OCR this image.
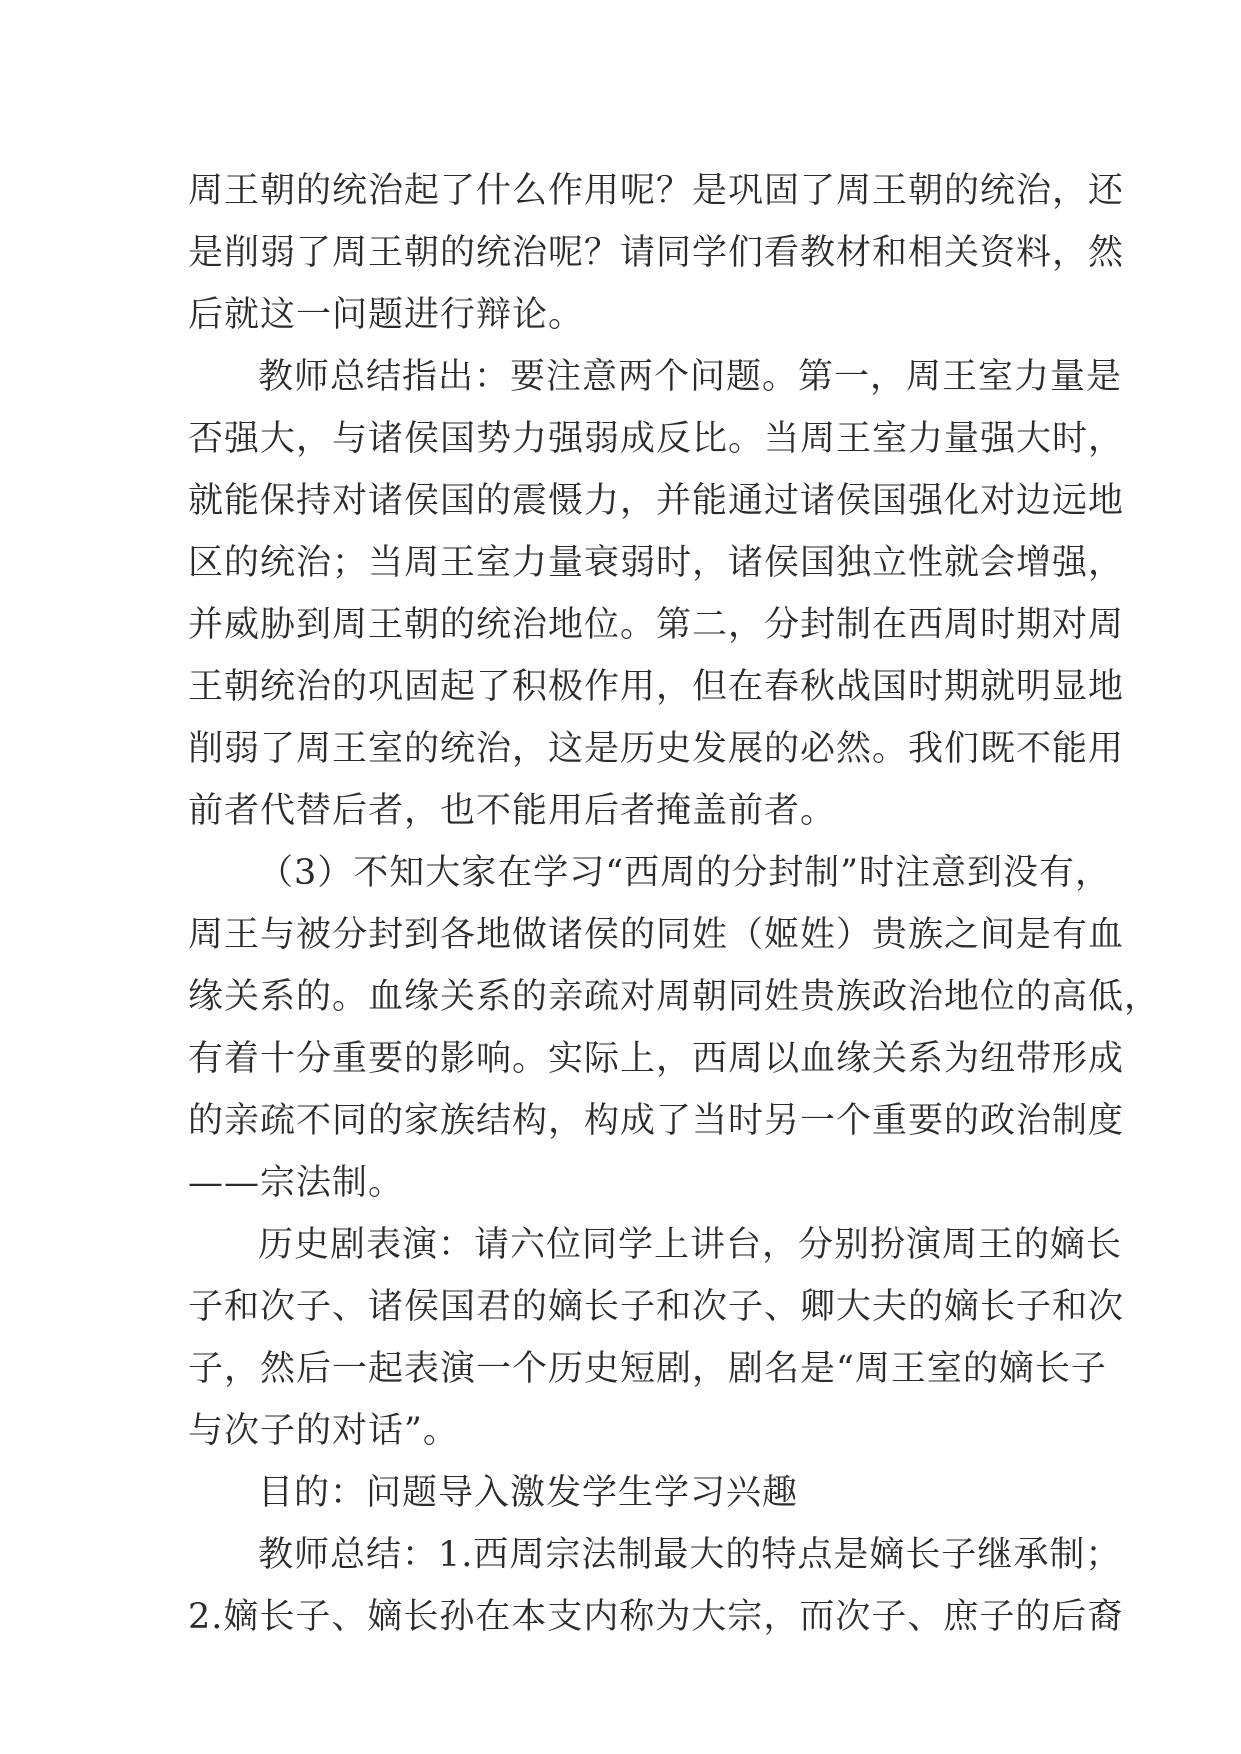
周王朝的统治起了什么作用呢？是巩固了周王朝的统治，还
是削弱了周王朝的统治呢？请同学们看教材和相关资料，然
后就这一问题进行辩论。
教师总结指出：要注意两个问题。第一，周王室力量是
否强大，与诸侯国势力强弱成反比。当周王室力量强大时，
就能保持对诸侯国的震慑力，并能通过诸侯国强化对边远地
区的统治；当周王室力量衰弱时，诸侯国独立性就会增强，
并威胁到周王朝的统治地位。第二，分封制在西周时期对周
王朝统治的巩固起了积极作用，但在春秋战国时期就明显地
削弱了周王室的统治，这是历史发展的必然。我们既不能用
前者代替后者，也不能用后者掩盖前者。
（3）不知大家在学习“西周的分封制”时注意到没有，
周王与被分封到各地做诸侯的同姓（姬姓）贵族之间是有血
缘关系的。血缘关系的亲疏对周朝同姓贵族政治地位的高低，
有着十分重要的影响。实际上，西周以血缘关系为纽带形成
的亲疏不同的家族结构，构成了当时另一个重要的政治制度
——宗法制。
历史剧表演：请六位同学上讲台，分别扮演周王的嫡长
子和次子、诸侯国君的嫡长子和次子、卿大夫的嫡长子和次
子，然后一起表演一个历史短剧，剧名是“周王室的嫡长子
与次子的对话”。
目的：问题导入激发学生学习兴趣
教师总结：1.西周宗法制最大的特点是嫡长子继承制；
2.嫡长子、嫡长孙在本支内称为大宗，而次子、庶子的后裔
